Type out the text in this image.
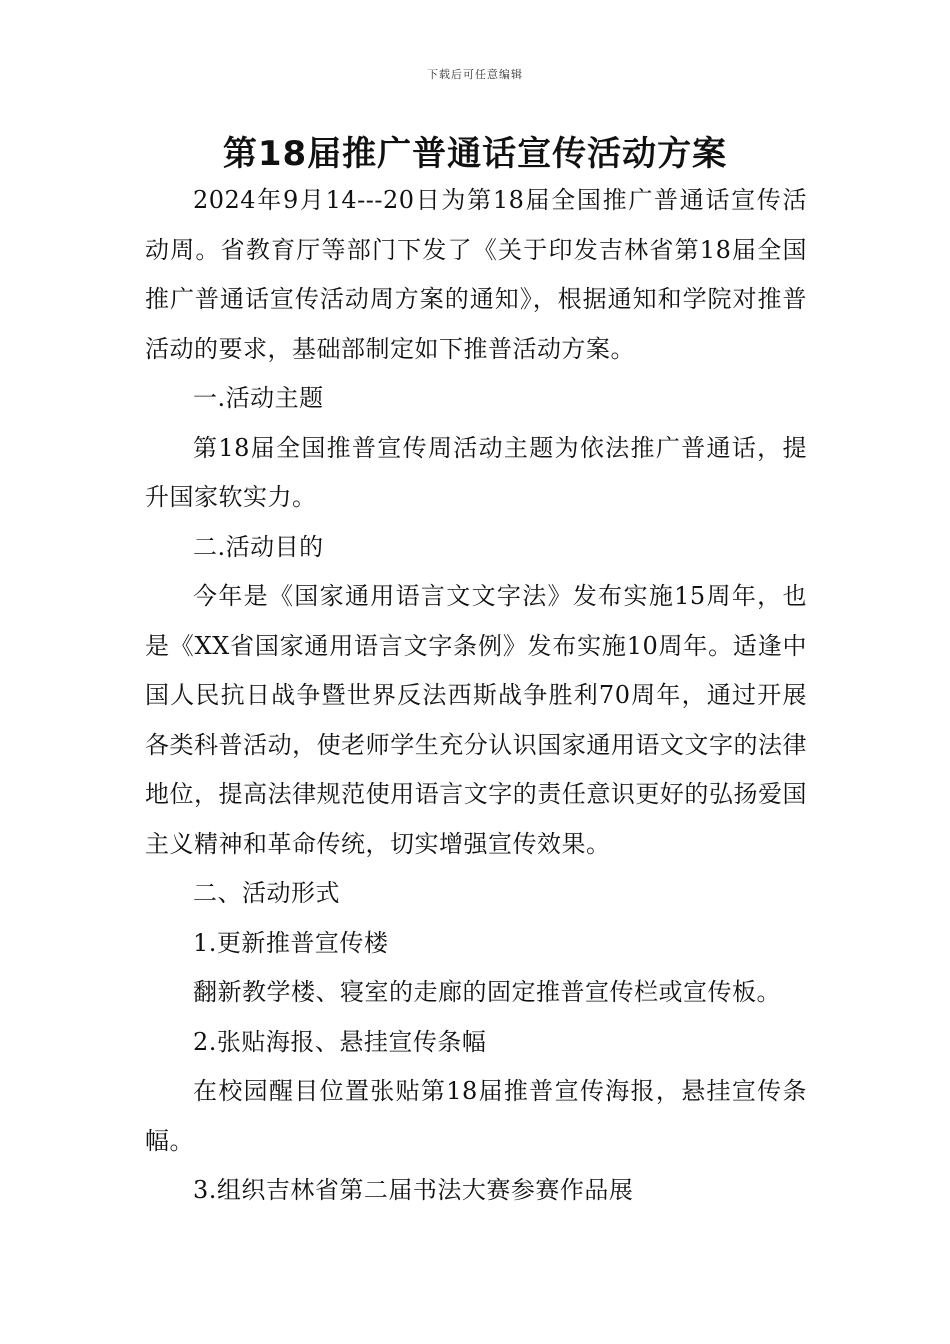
下载后可任意编辑
第18届推广普通话宣传活动方案

2024年9月14---20日为第18届全国推广普通话宣传活动周。省教育厅等部门下发了《关于印发吉林省第18届全国推广普通话宣传活动周方案的通知》，根据通知和学院对推普活动的要求，基础部制定如下推普活动方案。

一.活动主题

第18届全国推普宣传周活动主题为依法推广普通话，提升国家软实力。

二.活动目的

今年是《国家通用语言文文字法》发布实施15周年，也是《XX省国家通用语言文字条例》发布实施10周年。适逢中国人民抗日战争暨世界反法西斯战争胜利70周年，通过开展各类科普活动，使老师学生充分认识国家通用语文文字的法律地位，提高法律规范使用语言文字的责任意识更好的弘扬爱国主义精神和革命传统，切实增强宣传效果。

二、活动形式

1.更新推普宣传楼

翻新教学楼、寝室的走廊的固定推普宣传栏或宣传板。

2.张贴海报、悬挂宣传条幅

在校园醒目位置张贴第18届推普宣传海报，悬挂宣传条幅。

3.组织吉林省第二届书法大赛参赛作品展
